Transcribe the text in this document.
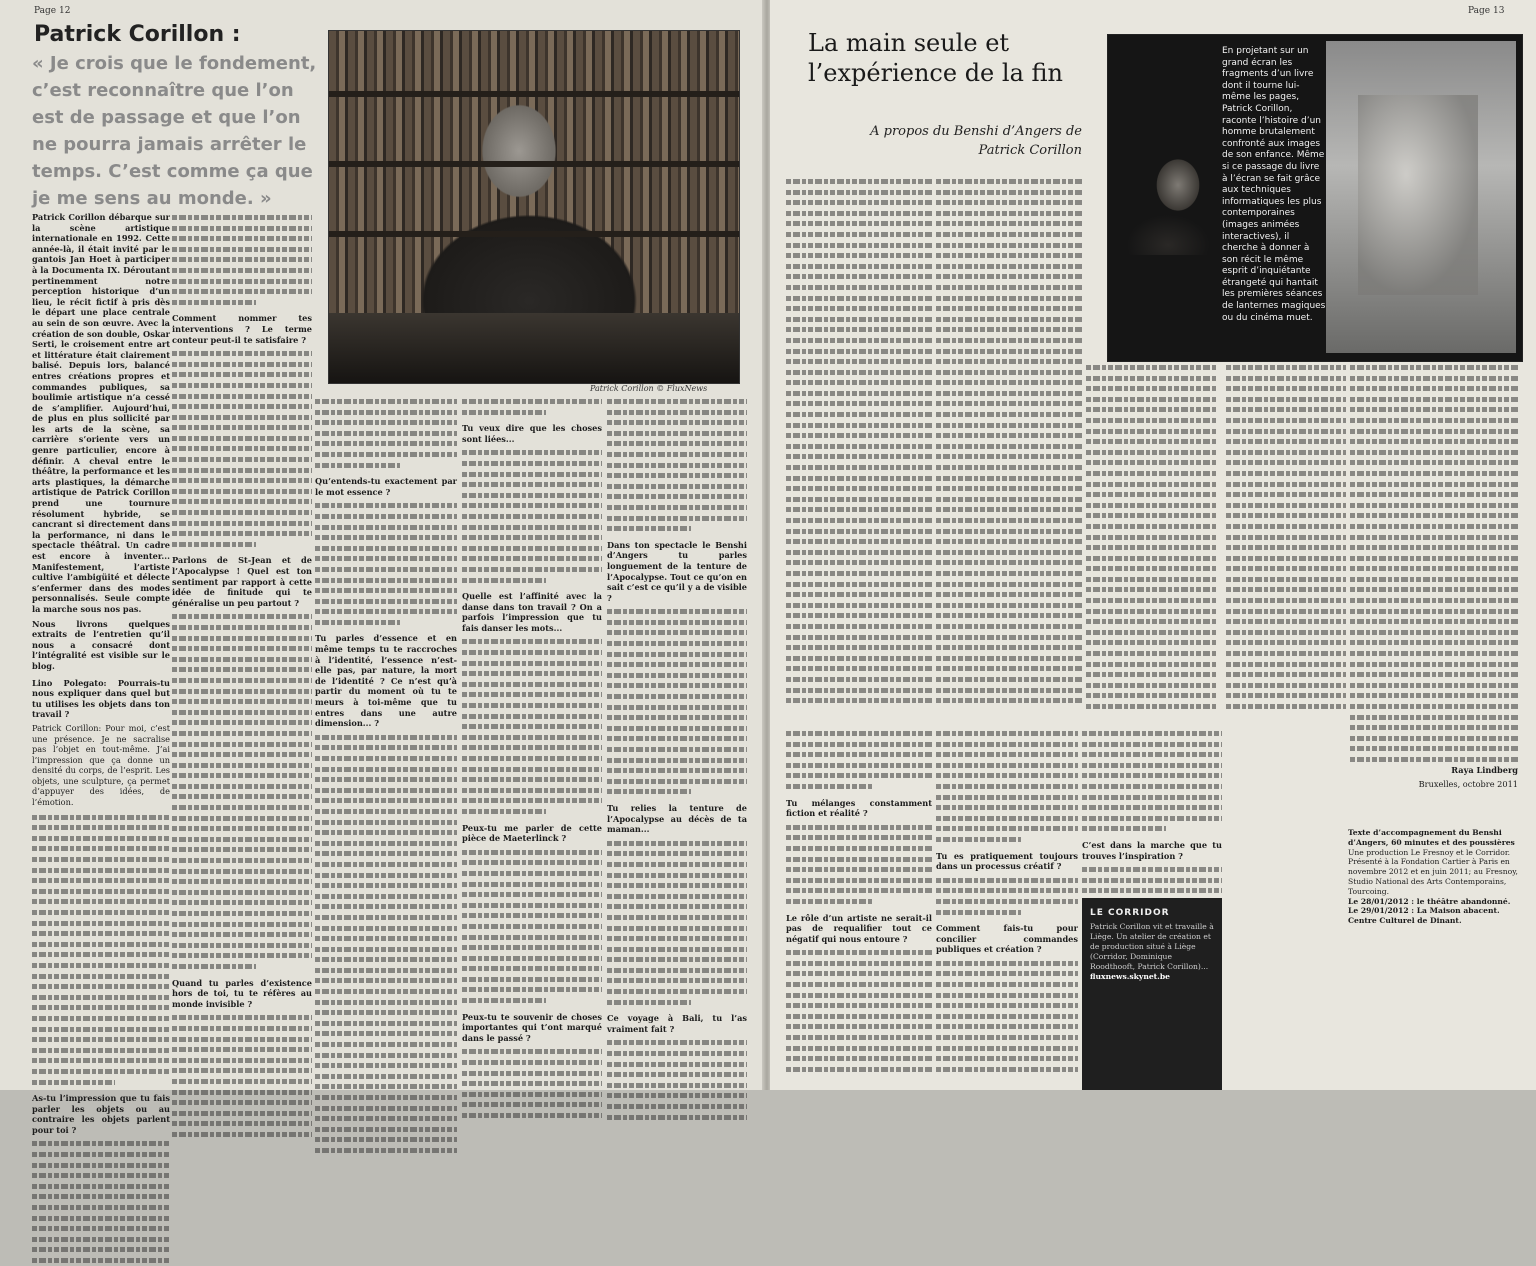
Page 12
Patrick Corillon :
« Je crois que le fondement, c’est reconnaître que l’on est de passage et que l’on ne pourra jamais arrêter le temps. C’est comme ça que je me sens au monde. »
Patrick Corillon © FluxNews

Patrick Corillon débarque sur la scène artistique internationale en 1992. Cette année-là, il était invité par le gantois Jan Hoet à participer à la Documenta IX. Déroutant pertinemment notre perception historique d’un lieu, le récit fictif à pris dès le départ une place centrale au sein de son œuvre. Avec la création de son double, Oskar Serti, le croisement entre art et littérature était clairement balisé. Depuis lors, balancé entres créations propres et commandes publiques, sa boulimie artistique n’a cessé de s’amplifier. Aujourd’hui, de plus en plus sollicité par les arts de la scène, sa carrière s’oriente vers un genre particulier, encore à définir. A cheval entre le théâtre, la performance et les arts plastiques, la démarche artistique de Patrick Corillon prend une tournure résolument hybride, se cancrant si directement dans la performance, ni dans le spectacle théâtral. Un cadre est encore à inventer... Manifestement, l’artiste cultive l’ambigüité et délecte s’enfermer dans des modes personnalisés. Seule compte la marche sous nos pas.

Nous livrons quelques extraits de l’entretien qu’il nous a consacré dont l’intégralité est visible sur le blog.

Lino Polegato: Pourrais-tu nous expliquer dans quel but tu utilises les objets dans ton travail ?

Patrick Corillon: Pour moi, c’est une présence. Je ne sacralise pas l’objet en tout-même. J’ai l’impression que ça donne un densité du corps, de l’esprit. Les objets, une sculpture, ça permet d’appuyer des idées, de l’émotion.

As-tu l’impression que tu fais parler les objets ou au contraire les objets parlent pour toi ?

Comment nommer tes interventions ? Le terme conteur peut-il te satisfaire ?

Parlons de St-Jean et de l’Apocalypse ! Quel est ton sentiment par rapport à cette idée de finitude qui te généralise un peu partout ?

Quand tu parles d’existence hors de toi, tu te réfères au monde invisible ?

Qu’entends-tu exactement par le mot essence ?

Tu parles d’essence et en même temps tu te raccroches à l’identité, l’essence n’est-elle pas, par nature, la mort de l’identité ? Ce n’est qu’à partir du moment où tu te meurs à toi-même que tu entres dans une autre dimension... ?

Tu veux dire que les choses sont liées...

Quelle est l’affinité avec la danse dans ton travail ? On a parfois l’impression que tu fais danser les mots...

Peux-tu me parler de cette pièce de Maeterlinck ?

Peux-tu te souvenir de choses importantes qui t’ont marqué dans le passé ?

Dans ton spectacle le Benshi d’Angers tu parles longuement de la tenture de l’Apocalypse. Tout ce qu’on en sait c’est ce qu’il y a de visible ?

Tu relies la tenture de l’Apocalypse au décès de ta maman...

Ce voyage à Bali, tu l’as vraiment fait ?

Page 13
La main seule et
l’expérience de la fin
A propos du Benshi d’Angers de
Patrick Corillon
En projetant sur un grand écran les fragments d’un livre dont il tourne lui-même les pages, Patrick Corillon, raconte l’histoire d’un homme brutalement confronté aux images de son enfance. Même si ce passage du livre à l’écran se fait grâce aux techniques informatiques les plus contemporaines (images animées interactives), il cherche à donner à son récit le même esprit d’inquiétante étrangeté qui hantait les premières séances de lanternes magiques ou du cinéma muet.

Raya Lindberg

Bruxelles, octobre 2011

Tu mélanges constamment fiction et réalité ?

Le rôle d’un artiste ne serait-il pas de requalifier tout ce négatif qui nous entoure ?

Tu es pratiquement toujours dans un processus créatif ?

Comment fais-tu pour concilier commandes publiques et création ?

C’est dans la marche que tu trouves l’inspiration ?

LE CORRIDOR

Patrick Corillon vit et travaille à Liège. Un atelier de création et de production situé à Liège (Corridor, Dominique Roodthooft, Patrick Corillon)...

fluxnews.skynet.be

Texte d’accompagnement du Benshi d’Angers, 60 minutes et des poussières

Une production Le Fresnoy et le Corridor. Présenté à la Fondation Cartier à Paris en novembre 2012 et en juin 2011; au Fresnoy, Studio National des Arts Contemporains, Tourcoing.

Le 28/01/2012 : le théâtre abandonné. Le 29/01/2012 : La Maison abacent. Centre Culturel de Dinant.
